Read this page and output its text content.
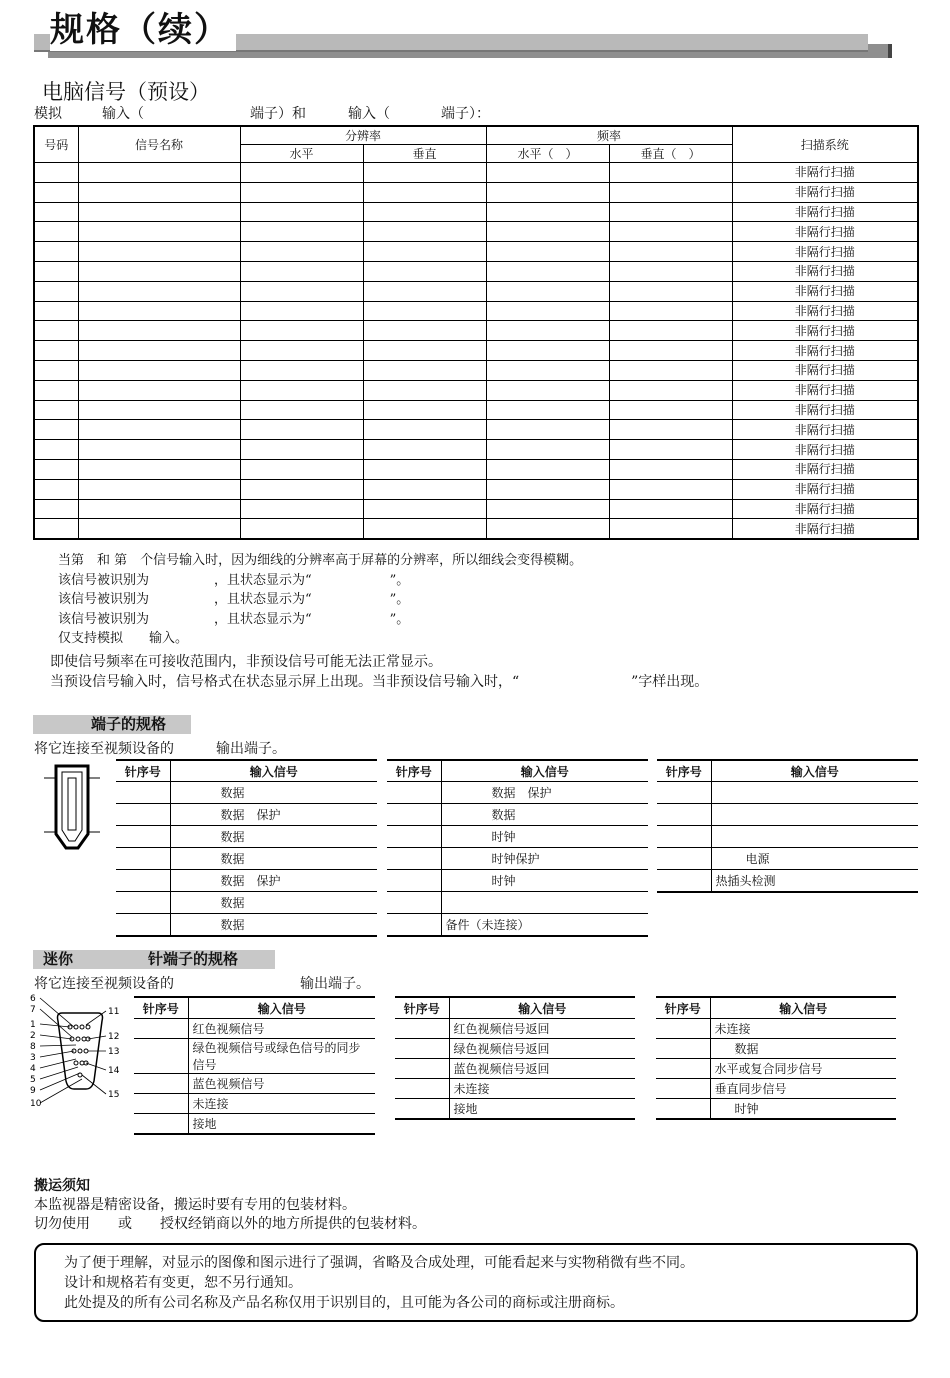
规格（续）
电脑信号（预设）
模拟	输入（	端子）和	输入（	端子）：
号码	信号名称	分辨率		频率		扫描系统
		水平	垂直	水平（　）	垂直（　）	
						非隔行扫描
						非隔行扫描
						非隔行扫描
						非隔行扫描
						非隔行扫描
						非隔行扫描
						非隔行扫描
						非隔行扫描
						非隔行扫描
						非隔行扫描
						非隔行扫描
						非隔行扫描
						非隔行扫描
						非隔行扫描
						非隔行扫描
						非隔行扫描
						非隔行扫描
						非隔行扫描
						非隔行扫描
当第　和 第　个信号输入时，因为细线的分辨率高于屏幕的分辨率，所以细线会变得模糊。
该信号被识别为　　　　　，且状态显示为“　　　　　　”。
该信号被识别为　　　　　，且状态显示为“　　　　　　”。
该信号被识别为　　　　　，且状态显示为“　　　　　　”。
仅支持模拟　　输入。
即使信号频率在可接收范围内，非预设信号可能无法正常显示。
当预设信号输入时，信号格式在状态显示屏上出现。当非预设信号输入时，“　　　　　　　　”字样出现。
端子的规格
将它连接至视频设备的　　　输出端子。
针序号	输入信号
	数据
	数据　保护
	数据
	数据
	数据　保护
	数据
	数据
针序号	输入信号
	数据　保护
	数据
	时钟
	时钟保护
	时钟

	备件（未连接）
针序号	输入信号

	电源
	热插头检测
迷你　　　　　针端子的规格
将它连接至视频设备的　　　　　　　　　输出端子。
6
7
1
2
8
3
4
5
9
10
11
12
13
14
15
针序号	输入信号
	红色视频信号
	绿色视频信号或绿色信号的同步信号
	蓝色视频信号
	未连接
	接地
针序号	输入信号
	红色视频信号返回
	绿色视频信号返回
	蓝色视频信号返回
	未连接
	接地
针序号	输入信号
	未连接
	数据
	水平或复合同步信号
	垂直同步信号
	时钟
搬运须知
本监视器是精密设备，搬运时要有专用的包装材料。
切勿使用　　或　　授权经销商以外的地方所提供的包装材料。
为了便于理解，对显示的图像和图示进行了强调，省略及合成处理，可能看起来与实物稍微有些不同。
设计和规格若有变更，恕不另行通知。
此处提及的所有公司名称及产品名称仅用于识别目的，且可能为各公司的商标或注册商标。
